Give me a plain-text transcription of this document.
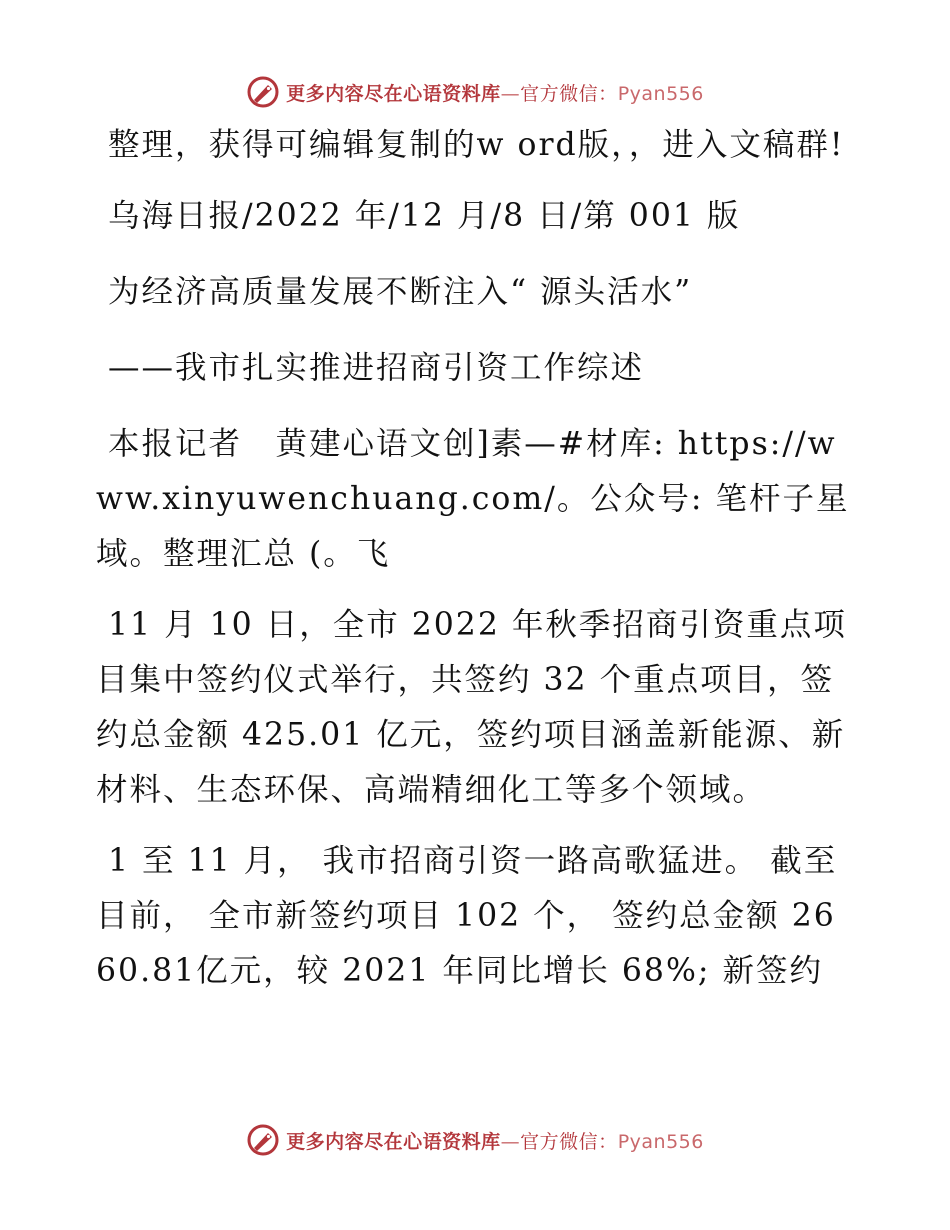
更多内容尽在心语资料库—官方微信：Pyan556

整理，获得可编辑复制的w ord版，，进入文稿群!

乌海日报/2022 年/12 月/8 日/第 001 版

为经济高质量发展不断注入“ 源头活水”

——我市扎实推进招商引资工作综述

本报记者　黄建心语文创]素—#材库: https://www.xinyuwenchuang.com/。公众号: 笔杆子星域。整理汇总 (。飞

11 月 10 日，全市 2022 年秋季招商引资重点项目集中签约仪式举行，共签约 32 个重点项目，签约总金额 425.01 亿元，签约项目涵盖新能源、新材料、生态环保、高端精细化工等多个领域。

1 至 11 月， 我市招商引资一路高歌猛进。 截至目前， 全市新签约项目 102 个， 签约总金额 2660.81亿元，较 2021 年同比增长 68%; 新签约

更多内容尽在心语资料库—官方微信：Pyan556
